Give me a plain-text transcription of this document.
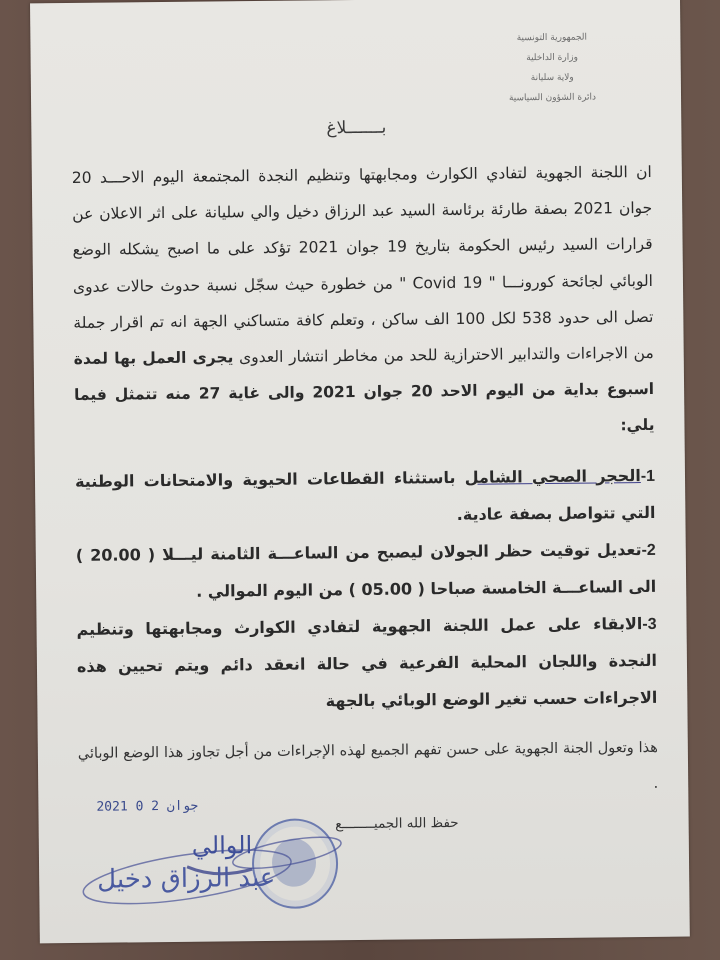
الجمهورية التونسية
وزارة الداخلية
ولاية سليانة
دائرة الشؤون السياسية
بـــــــلاغ

ان اللجنة الجهوية لتفادي الكوارث ومجابهتها وتنظيم النجدة المجتمعة اليوم الاحـــد 20 جوان 2021 بصفة طارئة برئاسة السيد عبد الرزاق دخيل والي سليانة على اثر الاعلان عن قرارات السيد رئيس الحكومة بتاريخ 19 جوان 2021 تؤكد على ما اصبح يشكله الوضع الوبائي لجائحة كورونـــا " Covid 19 " من خطورة حيث سجّل نسبة حدوث حالات عدوى تصل الى حدود 538 لكل 100 الف ساكن ، وتعلم كافة متساكني الجهة انه تم اقرار جملة من الاجراءات والتدابير الاحترازية للحد من مخاطر انتشار العدوى يجرى العمل بها لمدة اسبوع بداية من اليوم الاحد 20 جوان 2021 والى غاية 27 منه تتمثل فيما يلي:

1-الحجر الصحي الشامل باستثناء القطاعات الحيوية والامتحانات الوطنية التي تتواصل بصفة عادية.

2-تعديل توقيت حظر الجولان ليصبح من الساعـــة الثامنة ليـــلا ( 20.00 ) الى الساعـــة الخامسة صباحا ( 05.00 ) من اليوم الموالي .

3-الابقاء على عمل اللجنة الجهوية لتفادي الكوارث ومجابهتها وتنظيم النجدة واللجان المحلية الفرعية في حالة انعقد دائم ويتم تحيين هذه الاجراءات حسب تغير الوضع الوبائي بالجهة

هذا وتعول الجنة الجهوية على حسن تفهم الجميع لهذه الإجراءات من أجل تجاوز هذا الوضع الوبائي .

حفظ الله الجميــــــــع
2021 جوان 2 0
الوالي
عبد الرزاق دخيل
